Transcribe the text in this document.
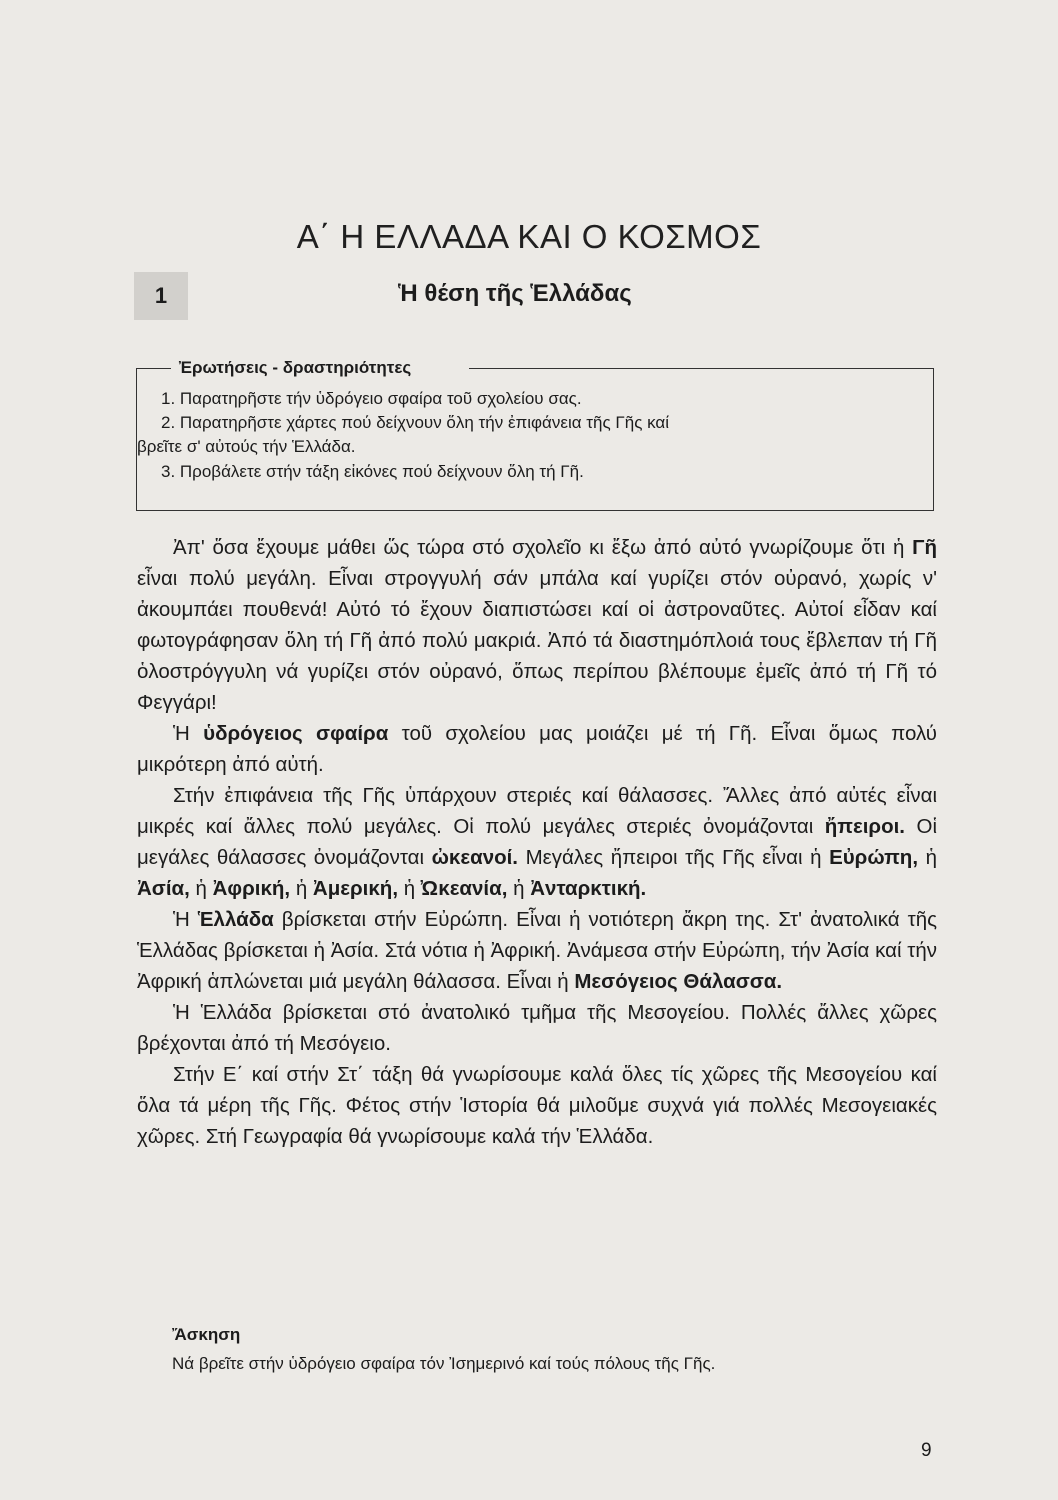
Α΄ Η ΕΛΛΑΔΑ ΚΑΙ Ο ΚΟΣΜΟΣ
1	Ἡ θέση τῆς Ἑλλάδας
Ἐρωτήσεις - δραστηριότητες
1. Παρατηρῆστε τήν ὑδρόγειο σφαίρα τοῦ σχολείου σας.
2. Παρατηρῆστε χάρτες πού δείχνουν ὅλη τήν ἐπιφάνεια τῆς Γῆς καί
βρεῖτε σ' αὐτούς τήν Ἑλλάδα.
3. Προβάλετε στήν τάξη εἰκόνες πού δείχνουν ὅλη τή Γῆ.

Ἀπ' ὅσα ἔχουμε μάθει ὥς τώρα στό σχολεῖο κι ἔξω ἀπό αὐτό γνωρίζουμε ὅτι ἡ Γῆ εἶναι πολύ μεγάλη. Εἶναι στρογγυλή σάν μπάλα καί γυρίζει στόν οὐρανό, χωρίς ν' ἀκουμπάει πουθενά! Αὐτό τό ἔχουν διαπιστώσει καί οἱ ἀστροναῦτες. Αὐτοί εἶδαν καί φωτογράφησαν ὅλη τή Γῆ ἀπό πολύ μακριά. Ἀπό τά διαστημόπλοιά τους ἔβλεπαν τή Γῆ ὁλοστρόγγυλη νά γυρίζει στόν οὐρανό, ὅπως περίπου βλέπουμε ἐμεῖς ἀπό τή Γῆ τό Φεγγάρι!

Ἡ ὑδρόγειος σφαίρα τοῦ σχολείου μας μοιάζει μέ τή Γῆ. Εἶναι ὅμως πολύ μικρότερη ἀπό αὐτή.

Στήν ἐπιφάνεια τῆς Γῆς ὑπάρχουν στεριές καί θάλασσες. Ἄλλες ἀπό αὐτές εἶναι μικρές καί ἄλλες πολύ μεγάλες. Οἱ πολύ μεγάλες στεριές ὀνομάζονται ἤπειροι. Οἱ μεγάλες θάλασσες ὀνομάζονται ὠκεανοί. Μεγάλες ἤπειροι τῆς Γῆς εἶναι ἡ Εὐρώπη, ἡ Ἀσία, ἡ Ἀφρική, ἡ Ἀμερική, ἡ Ὠκεανία, ἡ Ἀνταρκτική.

Ἡ Ἑλλάδα βρίσκεται στήν Εὐρώπη. Εἶναι ἡ νοτιότερη ἄκρη της. Στ' ἀνατολικά τῆς Ἑλλάδας βρίσκεται ἡ Ἀσία. Στά νότια ἡ Ἀφρική. Ἀνάμεσα στήν Εὐρώπη, τήν Ἀσία καί τήν Ἀφρική ἁπλώνεται μιά μεγάλη θάλασσα. Εἶναι ἡ Μεσόγειος Θάλασσα.

Ἡ Ἑλλάδα βρίσκεται στό ἀνατολικό τμῆμα τῆς Μεσογείου. Πολλές ἄλλες χῶρες βρέχονται ἀπό τή Μεσόγειο.

Στήν Ε΄ καί στήν Στ΄ τάξη θά γνωρίσουμε καλά ὅλες τίς χῶρες τῆς Μεσογείου καί ὅλα τά μέρη τῆς Γῆς. Φέτος στήν Ἱστορία θά μιλοῦμε συχνά γιά πολλές Μεσογειακές χῶρες. Στή Γεωγραφία θά γνωρίσουμε καλά τήν Ἑλλάδα.

Ἄσκηση
Νά βρεῖτε στήν ὑδρόγειο σφαίρα τόν Ἰσημερινό καί τούς πόλους τῆς Γῆς.
9
